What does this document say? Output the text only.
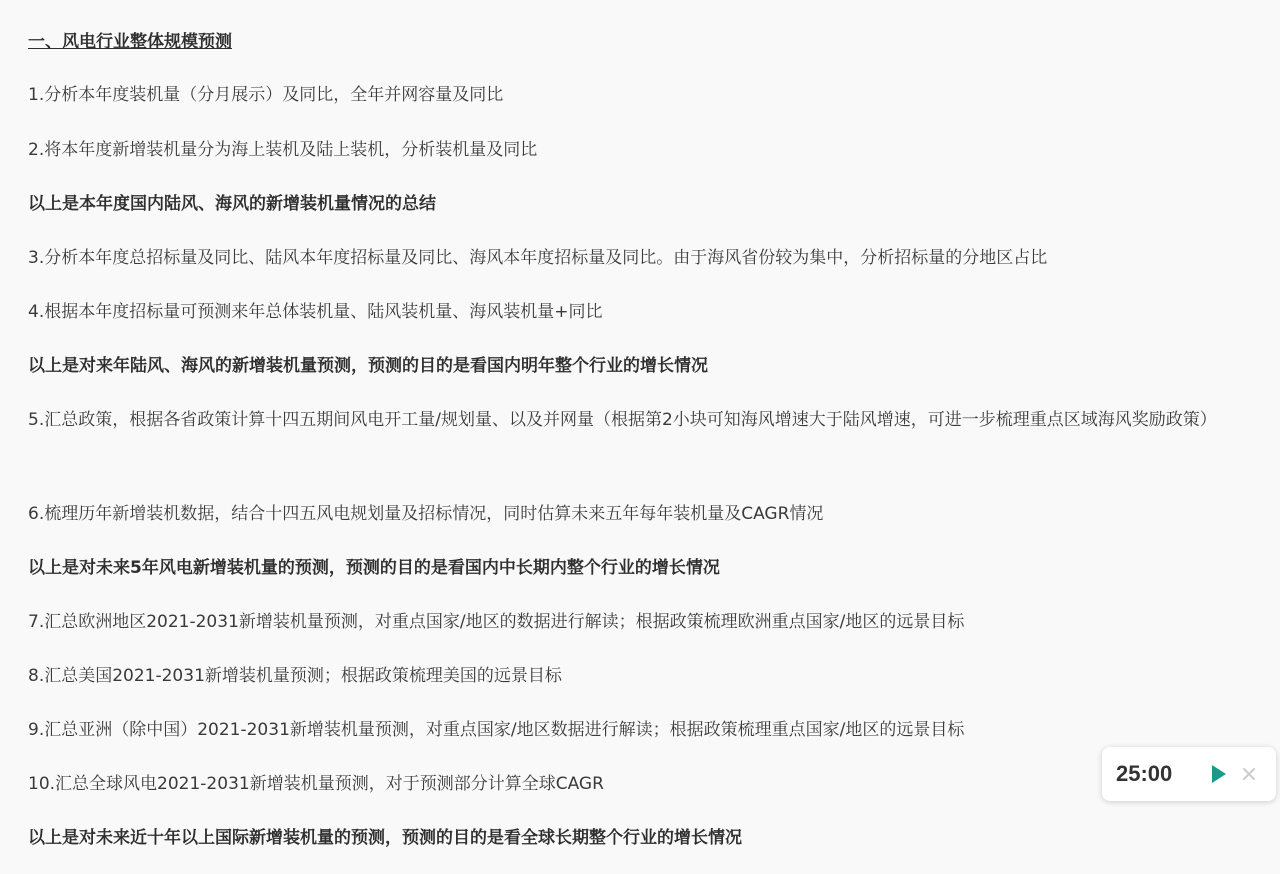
一、风电行业整体规模预测
1.分析本年度装机量（分月展示）及同比，全年并网容量及同比
2.将本年度新增装机量分为海上装机及陆上装机，分析装机量及同比
以上是本年度国内陆风、海风的新增装机量情况的总结
3.分析本年度总招标量及同比、陆风本年度招标量及同比、海风本年度招标量及同比。由于海风省份较为集中，分析招标量的分地区占比
4.根据本年度招标量可预测来年总体装机量、陆风装机量、海风装机量+同比
以上是对来年陆风、海风的新增装机量预测，预测的目的是看国内明年整个行业的增长情况
5.汇总政策，根据各省政策计算十四五期间风电开工量/规划量、以及并网量（根据第2小块可知海风增速大于陆风增速，可进一步梳理重点区域海风奖励政策）
6.梳理历年新增装机数据，结合十四五风电规划量及招标情况，同时估算未来五年每年装机量及CAGR情况
以上是对未来5年风电新增装机量的预测，预测的目的是看国内中长期内整个行业的增长情况
7.汇总欧洲地区2021-2031新增装机量预测，对重点国家/地区的数据进行解读；根据政策梳理欧洲重点国家/地区的远景目标
8.汇总美国2021-2031新增装机量预测；根据政策梳理美国的远景目标
9.汇总亚洲（除中国）2021-2031新增装机量预测，对重点国家/地区数据进行解读；根据政策梳理重点国家/地区的远景目标
10.汇总全球风电2021-2031新增装机量预测，对于预测部分计算全球CAGR
以上是对未来近十年以上国际新增装机量的预测，预测的目的是看全球长期整个行业的增长情况
25:00
